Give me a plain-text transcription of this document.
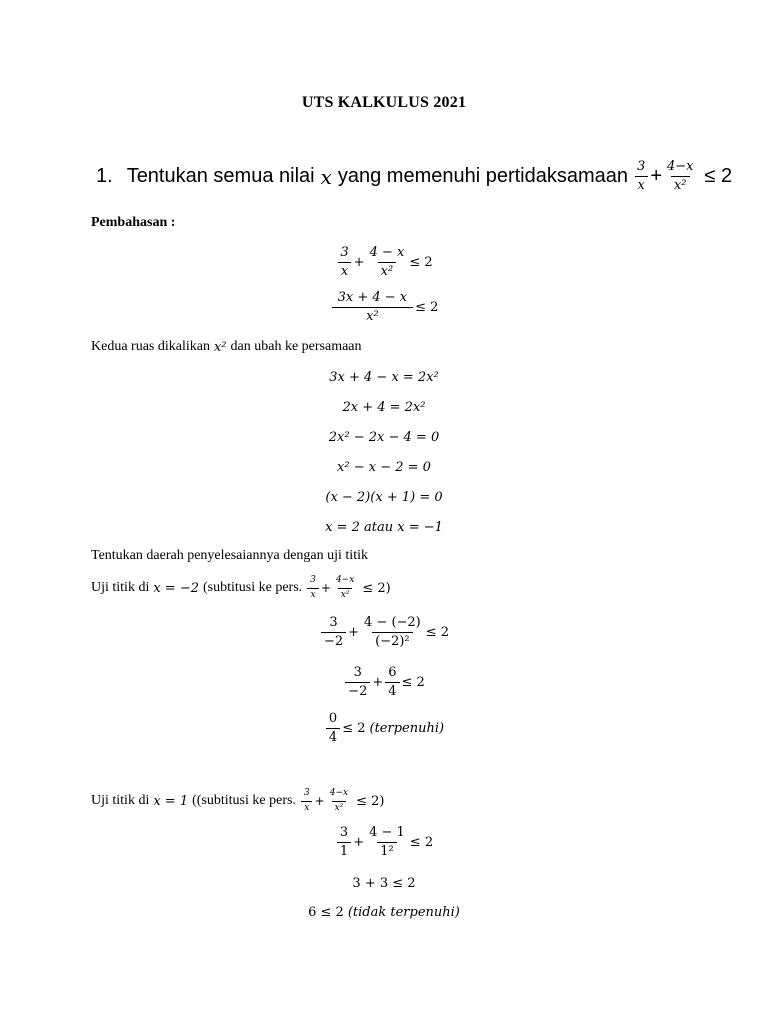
UTS KALKULUS 2021
1. Tentukan semua nilai x yang memenuhi pertidaksamaan $\frac{3}{x} + \frac{4-x}{\text{x²}} \le 2$
Pembahasan :
$\frac{3}{x} + \frac{4 - x}{\text{x²}} \le 2$
$\frac{3x + 4 - x}{\text{x²}} \le 2$
Kedua ruas dikalikan x² dan ubah ke persamaan
3x + 4 − x = 2x²
2x + 4 = 2x²
2x² − 2x − 4 = 0
x² − x − 2 = 0
(x − 2)(x + 1) = 0
x = 2 atau x = −1
Tentukan daerah penyelesaiannya dengan uji titik
Uji titik di x = −2 (subtitusi ke pers. $\frac{3}{x} + \frac{4-x}{\text{x²}} \le 2$)
$\frac{3}{-2} + \frac{4 - (-2)}{\text{(−2)²}} \le 2$
$\frac{3}{-2} + \frac{6}{4} \le 2$
$\frac{0}{4} \le 2$ (terpenuhi)
Uji titik di x = 1 ((subtitusi ke pers. $\frac{3}{x} + \frac{4-x}{\text{x²}} \le 2$)
$\frac{3}{1} + \frac{4 - 1}{\text{1²}} \le 2$
3 + 3 ≤ 2
6 ≤ 2 (tidak terpenuhi)
